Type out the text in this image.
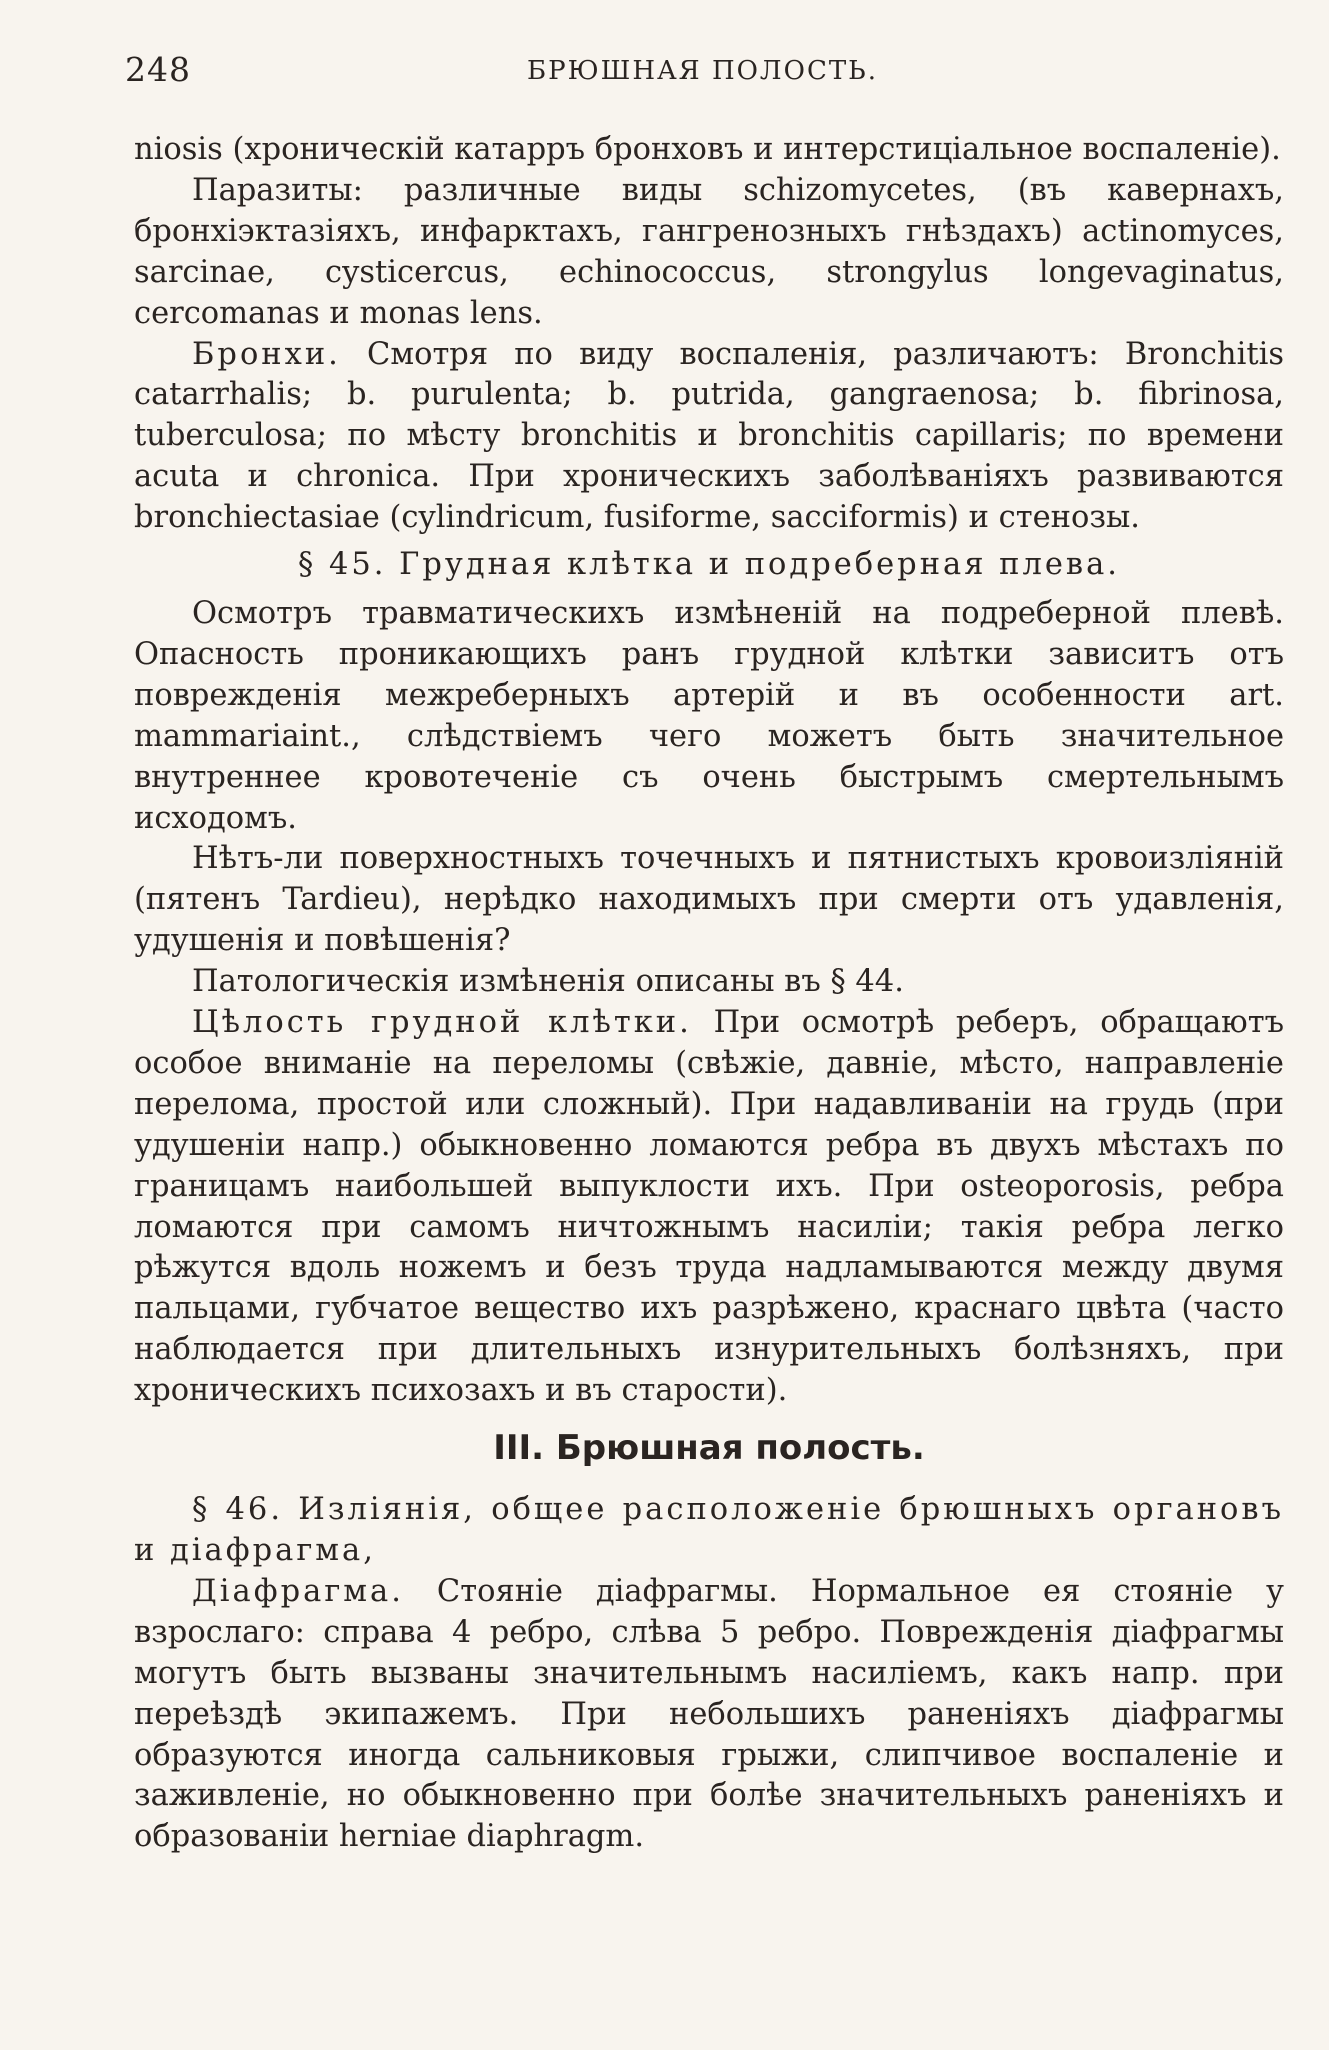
248	БРЮШНАЯ ПОЛОСТЬ.

niosis (хроническій катарръ бронховъ и интерстиціальное воспаленіе).

Паразиты: различные виды schizomycetes, (въ кавернахъ, бронхіэктазіяхъ, инфарктахъ, гангренозныхъ гнѣздахъ) actinomyces, sarcinae, cysticercus, echinococcus, strongylus longevaginatus, cercomanas и monas lens.

Бронхи. Смотря по виду воспаленія, различаютъ: Bronchitis catarrhalis; b. purulenta; b. putrida, gangraenosa; b. fibrinosa, tuberculosa; по мѣсту bronchitis и bronchitis capillaris; по времени acuta и chronica. При хроническихъ заболѣваніяхъ развиваются bronchiectasiae (cylindricum, fusiforme, sacciformis) и стенозы.

§ 45. Грудная клѣтка и подреберная плева.

Осмотръ травматическихъ измѣненій на подреберной плевѣ. Опасность проникающихъ ранъ грудной клѣтки зависитъ отъ поврежденія межреберныхъ артерій и въ особенности art. mammariaint., слѣдствіемъ чего можетъ быть значительное внутреннее кровотеченіе съ очень быстрымъ смертельнымъ исходомъ.

Нѣтъ-ли поверхностныхъ точечныхъ и пятнистыхъ кровоизліяній (пятенъ Tardieu), нерѣдко находимыхъ при смерти отъ удавленія, удушенія и повѣшенія?

Патологическія измѣненія описаны въ § 44.

Цѣлость грудной клѣтки. При осмотрѣ реберъ, обращаютъ особое вниманіе на переломы (свѣжіе, давніе, мѣсто, направленіе перелома, простой или сложный). При надавливаніи на грудь (при удушеніи напр.) обыкновенно ломаются ребра въ двухъ мѣстахъ по границамъ наибольшей выпуклости ихъ. При osteoporosis, ребра ломаются при самомъ ничтожнымъ насиліи; такія ребра легко рѣжутся вдоль ножемъ и безъ труда надламываются между двумя пальцами, губчатое вещество ихъ разрѣжено, краснаго цвѣта (часто наблюдается при длительныхъ изнурительныхъ болѣзняхъ, при хроническихъ психозахъ и въ старости).

III. Брюшная полость.

§ 46. Изліянія, общее расположеніе брюшныхъ органовъ и діафрагма,

Діафрагма. Стояніе діафрагмы. Нормальное ея стояніе у взрослаго: справа 4 ребро, слѣва 5 ребро. Поврежденія діафрагмы могутъ быть вызваны значительнымъ насиліемъ, какъ напр. при переѣздѣ экипажемъ. При небольшихъ раненіяхъ діафрагмы образуются иногда сальниковыя грыжи, слипчивое воспаленіе и заживленіе, но обыкновенно при болѣе значительныхъ раненіяхъ и образованіи herniae diaphragm.
